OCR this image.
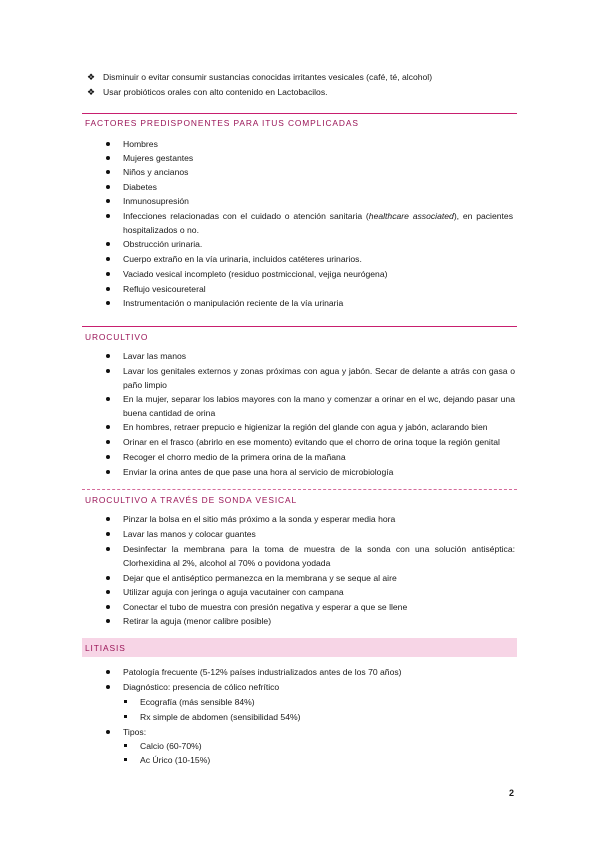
❖ Disminuir o evitar consumir sustancias conocidas irritantes vesicales (café, té, alcohol)
❖ Usar probióticos orales con alto contenido en Lactobacilos.
FACTORES PREDISPONENTES PARA ITUS COMPLICADAS
Hombres
Mujeres gestantes
Niños y ancianos
Diabetes
Inmunosupresión
Infecciones relacionadas con el cuidado o atención sanitaria (healthcare associated), en pacientes hospitalizados o no.
Obstrucción urinaria.
Cuerpo extraño en la vía urinaria, incluidos catéteres urinarios.
Vaciado vesical incompleto (residuo postmiccional, vejiga neurógena)
Reflujo vesicoureteral
Instrumentación o manipulación reciente de la vía urinaria
UROCULTIVO
Lavar las manos
Lavar los genitales externos y zonas próximas con agua y jabón. Secar de delante a atrás con gasa o paño limpio
En la mujer, separar los labios mayores con la mano y comenzar a orinar en el wc, dejando pasar una buena cantidad de orina
En hombres, retraer prepucio e higienizar la región del glande con agua y jabón, aclarando bien
Orinar en el frasco (abrirlo en ese momento) evitando que el chorro de orina toque la región genital
Recoger el chorro medio de la primera orina de la mañana
Enviar la orina antes de que pase una hora al servicio de microbiología
UROCULTIVO A TRAVÉS DE SONDA VESICAL
Pinzar la bolsa en el sitio más próximo a la sonda y esperar media hora
Lavar las manos y colocar guantes
Desinfectar la membrana para la toma de muestra de la sonda con una solución antiséptica: Clorhexidina al 2%, alcohol al 70% o povidona yodada
Dejar que el antiséptico permanezca en la membrana y se seque al aire
Utilizar aguja con jeringa o aguja vacutainer con campana
Conectar el tubo de muestra con presión negativa y esperar a que se llene
Retirar la aguja (menor calibre posible)
LITIASIS
Patología frecuente (5-12% países industrializados antes de los 70 años)
Diagnóstico: presencia de cólico nefrítico
Ecografía (más sensible 84%)
Rx simple de abdomen (sensibilidad 54%)
Tipos:
Calcio (60-70%)
Ac Úrico (10-15%)
2
